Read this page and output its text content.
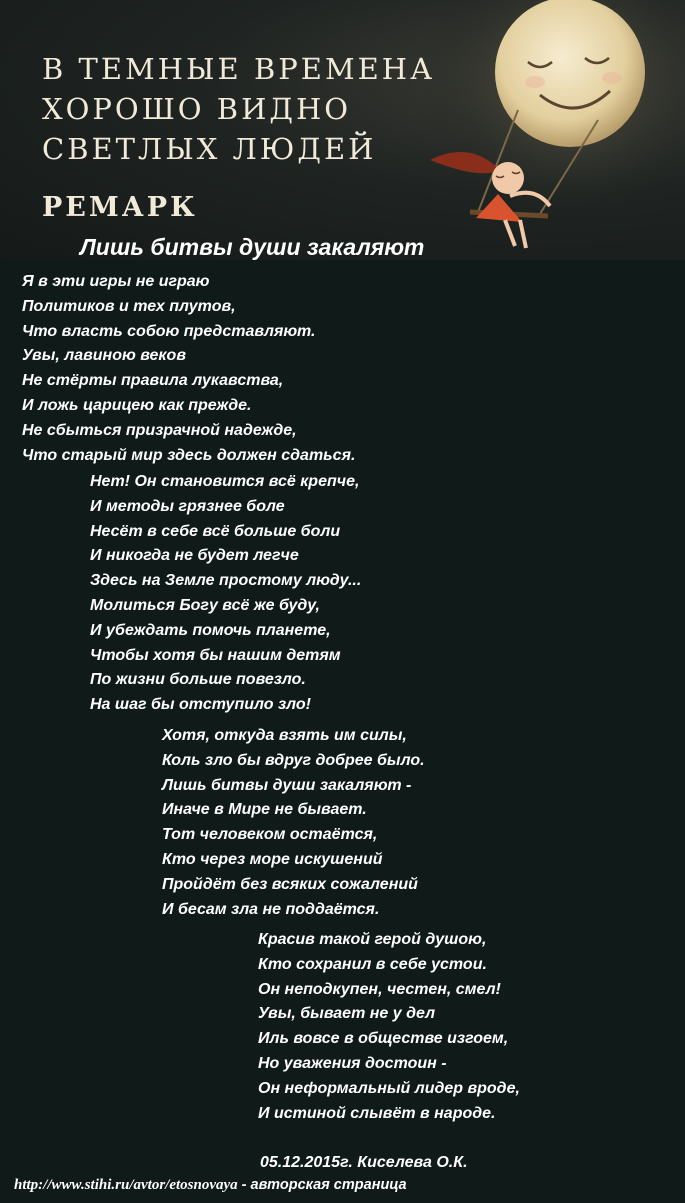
В ТЕМНЫЕ ВРЕМЕНА
ХОРОШО ВИДНО
СВЕТЛЫХ ЛЮДЕЙ
РЕМАРК
Лишь битвы души закаляют
Я в эти игры не играю
Политиков и тех плутов,
Что власть собою представляют.
Увы, лавиною веков
Не стёрты правила лукавства,
И ложь царицею как прежде.
Не сбыться призрачной надежде,
Что старый мир здесь должен сдаться.
Нет! Он становится всё крепче,
И методы грязнее боле
Несёт в себе всё больше боли
И никогда не будет легче
Здесь на Земле простому люду...
Молиться Богу всё же буду,
И убеждать помочь планете,
Чтобы хотя бы нашим детям
По жизни больше повезло.
На шаг бы отступило зло!
Хотя, откуда взять им силы,
Коль зло бы вдруг добрее было.
Лишь битвы души закаляют -
Иначе в Мире не бывает.
Тот человеком остаётся,
Кто через море искушений
Пройдёт без всяких сожалений
И бесам зла не поддаётся.
Красив такой герой душою,
Кто сохранил в себе устои.
Он неподкупен, честен, смел!
Увы, бывает не у дел
Иль вовсе в обществе изгоем,
Но уважения достоин -
Он неформальный лидер вроде,
И истиной слывёт в народе.
05.12.2015г. Киселева О.К.
http://www.stihi.ru/avtor/etosnovaya - авторская страница
